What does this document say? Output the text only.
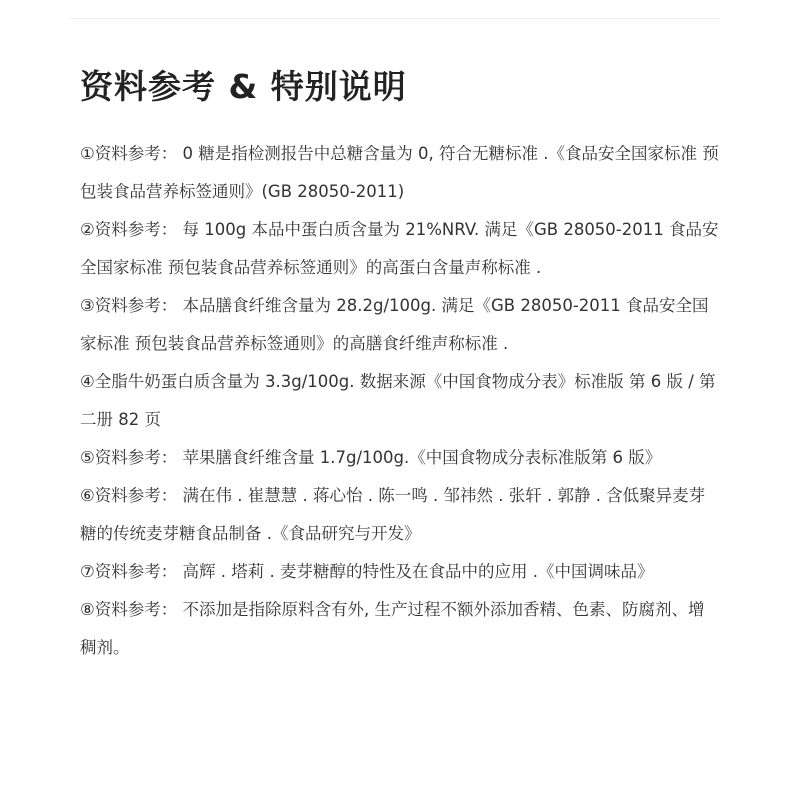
资料参考 & 特别说明
①资料参考： 0 糖是指检测报告中总糖含量为 0, 符合无糖标准 .《食品安全国家标准 预包装食品营养标签通则》(GB 28050-2011)
②资料参考： 每 100g 本品中蛋白质含量为 21%NRV. 满足《GB 28050-2011 食品安全国家标准 预包装食品营养标签通则》的高蛋白含量声称标准 .
③资料参考： 本品膳食纤维含量为 28.2g/100g. 满足《GB 28050-2011 食品安全国家标准 预包装食品营养标签通则》的高膳食纤维声称标准 .
④全脂牛奶蛋白质含量为 3.3g/100g. 数据来源《中国食物成分表》标准版 第 6 版 / 第二册 82 页
⑤资料参考： 苹果膳食纤维含量 1.7g/100g.《中国食物成分表标准版第 6 版》
⑥资料参考： 满在伟 . 崔慧慧 . 蒋心怡 . 陈一鸣 . 邹祎然 . 张轩 . 郭静 . 含低聚异麦芽糖的传统麦芽糖食品制备 .《食品研究与开发》
⑦资料参考： 高辉 . 塔莉 . 麦芽糖醇的特性及在食品中的应用 .《中国调味品》
⑧资料参考： 不添加是指除原料含有外, 生产过程不额外添加香精、色素、防腐剂、增稠剂。
